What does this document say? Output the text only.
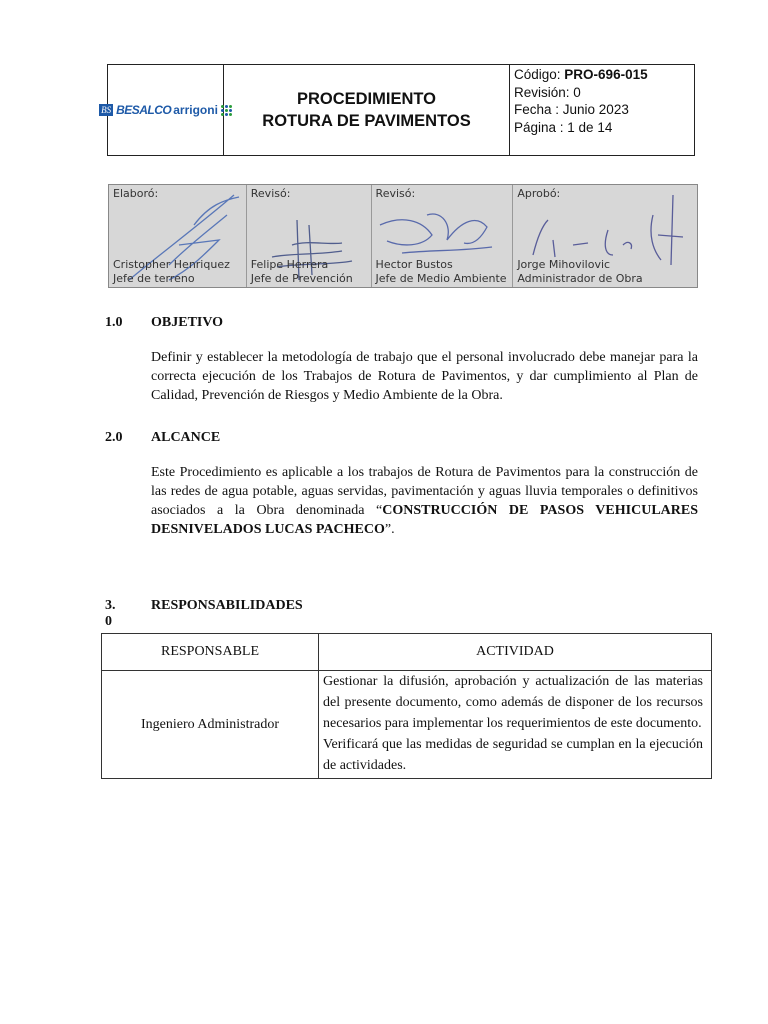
BS BESALCO arrigoni

PROCEDIMIENTO
ROTURA DE PAVIMENTOS

Código: PRO-696-015
Revisión: 0
Fecha : Junio 2023
Página : 1 de 14
Elaboró:
Cristopher Henriquez
Jefe de terreno
Revisó:
Felipe Herrera
Jefe de Prevención
Revisó:
Hector Bustos
Jefe de Medio Ambiente
Aprobó:
Jorge Mihovilovic
Administrador de Obra
1.0 OBJETIVO

Definir y establecer la metodología de trabajo que el personal involucrado debe manejar para la correcta ejecución de los Trabajos de Rotura de Pavimentos, y dar cumplimiento al Plan de Calidad, Prevención de Riesgos y Medio Ambiente de la Obra.

2.0 ALCANCE

Este Procedimiento es aplicable a los trabajos de Rotura de Pavimentos para la construcción de las redes de agua potable, aguas servidas, pavimentación y aguas lluvia temporales o definitivos asociados a la Obra denominada “CONSTRUCCIÓN DE PASOS VEHICULARES DESNIVELADOS LUCAS PACHECO”.

3. 0
RESPONSABILIDADES
RESPONSABLE	ACTIVIDAD
Ingeniero Administrador	Gestionar la difusión, aprobación y actualización de las materias del presente documento, como además de disponer de los recursos necesarios para implementar los requerimientos de este documento.
Verificará que las medidas de seguridad se cumplan en la ejecución de actividades.
